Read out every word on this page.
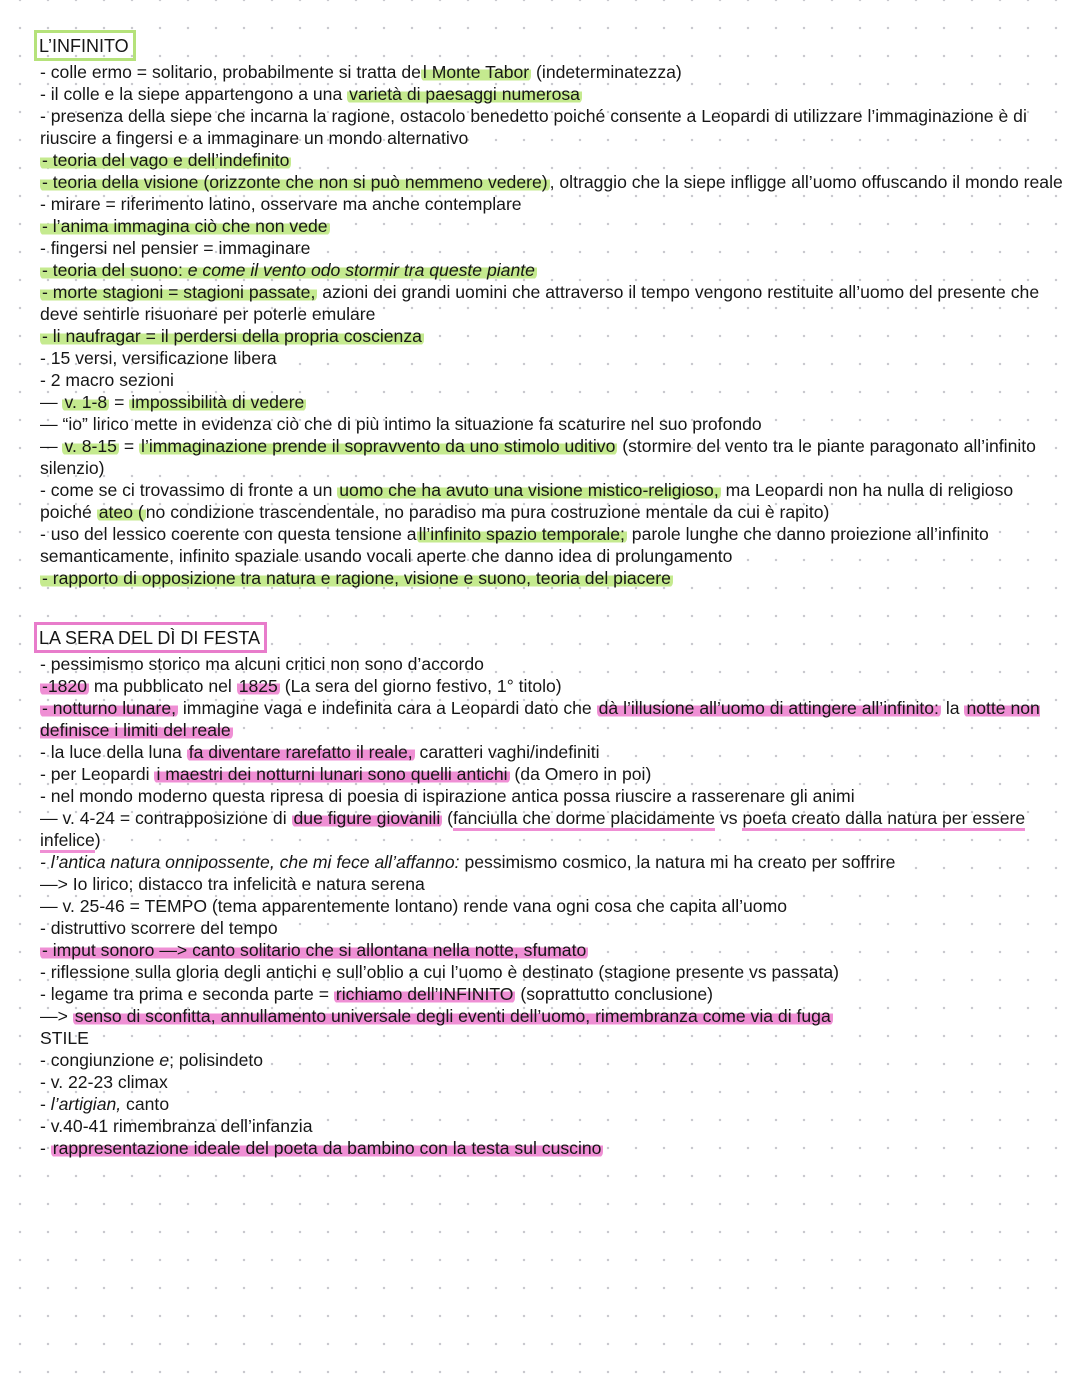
L’INFINITO

- colle ermo = solitario, probabilmente si tratta de l Monte Tabor (indeterminatezza)

- il colle e la siepe appartengono a una varietà di paesaggi numerosa

- presenza della siepe che incarna la ragione, ostacolo benedetto poiché consente a Leopardi di utilizzare l’immaginazione è di riuscire a fingersi e a immaginare un mondo alternativo

- teoria del vago e dell’indefinito

- teoria della visione (orizzonte che non si può nemmeno vedere) , oltraggio che la siepe infligge all’uomo offuscando il mondo reale

- mirare = riferimento latino, osservare ma anche contemplare

- l’anima immagina ciò che non vede

- fingersi nel pensier = immaginare

- teoria del suono: e come il vento odo stormir tra queste piante

- morte stagioni = stagioni passate, azioni dei grandi uomini che attraverso il tempo vengono restituite all’uomo del presente che deve sentirle risuonare per poterle emulare

- li naufragar = il perdersi della propria coscienza

- 15 versi, versificazione libera

- 2 macro sezioni

— v. 1-8 = impossibilità di vedere

— “io” lirico mette in evidenza ciò che di più intimo la situazione fa scaturire nel suo profondo

— v. 8-15 = l’immaginazione prende il sopravvento da uno stimolo uditivo (stormire del vento tra le piante paragonato all’infinito silenzio)

- come se ci trovassimo di fronte a un uomo che ha avuto una visione mistico-religioso, ma Leopardi non ha nulla di religioso poiché ateo ( no condizione trascendentale, no paradiso ma pura costruzione mentale da cui è rapito)

- uso del lessico coerente con questa tensione a ll’infinito spazio temporale; parole lunghe che danno proiezione all’infinito semanticamente, infinito spaziale usando vocali aperte che danno idea di prolungamento

- rapporto di opposizione tra natura e ragione, visione e suono, teoria del piacere

LA SERA DEL DÌ DI FESTA

- pessimismo storico ma alcuni critici non sono d’accordo

-1820 ma pubblicato nel 1825 (La sera del giorno festivo, 1° titolo)

- notturno lunare, immagine vaga e indefinita cara a Leopardi dato che dà l’illusione all’uomo di attingere all’infinito: la notte non definisce i limiti del reale

- la luce della luna fa diventare rarefatto il reale, caratteri vaghi/indefiniti

- per Leopardi i maestri dei notturni lunari sono quelli antichi (da Omero in poi)

- nel mondo moderno questa ripresa di poesia di ispirazione antica possa riuscire a rasserenare gli animi

— v. 4-24 = contrapposizione di due figure giovanili (fanciulla che dorme placidamente vs poeta creato dalla natura per essere infelice)

- l’antica natura onnipossente, che mi fece all’affanno: pessimismo cosmico, la natura mi ha creato per soffrire

—> Io lirico; distacco tra infelicità e natura serena

— v. 25-46 = TEMPO (tema apparentemente lontano) rende vana ogni cosa che capita all’uomo

- distruttivo scorrere del tempo

- imput sonoro —> canto solitario che si allontana nella notte, sfumato

- riflessione sulla gloria degli antichi e sull’oblio a cui l’uomo è destinato (stagione presente vs passata)

- legame tra prima e seconda parte = richiamo dell’INFINITO (soprattutto conclusione)

—> senso di sconfitta, annullamento universale degli eventi dell’uomo, rimembranza come via di fuga

STILE

- congiunzione e; polisindeto

- v. 22-23 climax

- l’artigian, canto

- v.40-41 rimembranza dell’infanzia

- rappresentazione ideale del poeta da bambino con la testa sul cuscino
